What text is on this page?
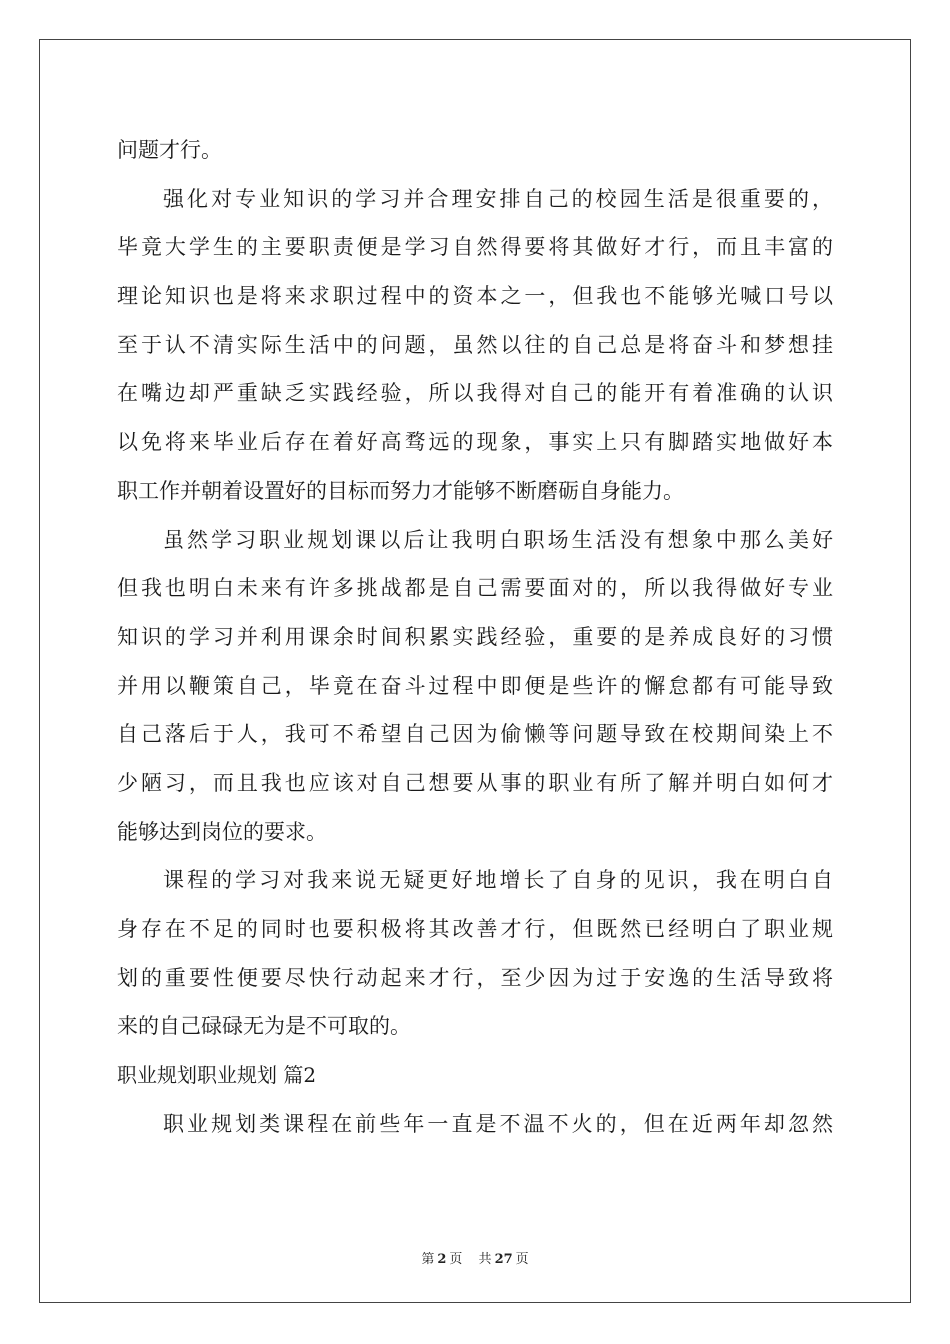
问题才行。
强化对专业知识的学习并合理安排自己的校园生活是很重要的，
毕竟大学生的主要职责便是学习自然得要将其做好才行，而且丰富的
理论知识也是将来求职过程中的资本之一，但我也不能够光喊口号以
至于认不清实际生活中的问题，虽然以往的自己总是将奋斗和梦想挂
在嘴边却严重缺乏实践经验，所以我得对自己的能开有着准确的认识
以免将来毕业后存在着好高骛远的现象，事实上只有脚踏实地做好本
职工作并朝着设置好的目标而努力才能够不断磨砺自身能力。
虽然学习职业规划课以后让我明白职场生活没有想象中那么美好
但我也明白未来有许多挑战都是自己需要面对的，所以我得做好专业
知识的学习并利用课余时间积累实践经验，重要的是养成良好的习惯
并用以鞭策自己，毕竟在奋斗过程中即便是些许的懈怠都有可能导致
自己落后于人，我可不希望自己因为偷懒等问题导致在校期间染上不
少陋习，而且我也应该对自己想要从事的职业有所了解并明白如何才
能够达到岗位的要求。
课程的学习对我来说无疑更好地增长了自身的见识，我在明白自
身存在不足的同时也要积极将其改善才行，但既然已经明白了职业规
划的重要性便要尽快行动起来才行，至少因为过于安逸的生活导致将
来的自己碌碌无为是不可取的。
职业规划职业规划 篇2
职业规划类课程在前些年一直是不温不火的，但在近两年却忽然
第 2 页 共 27 页
